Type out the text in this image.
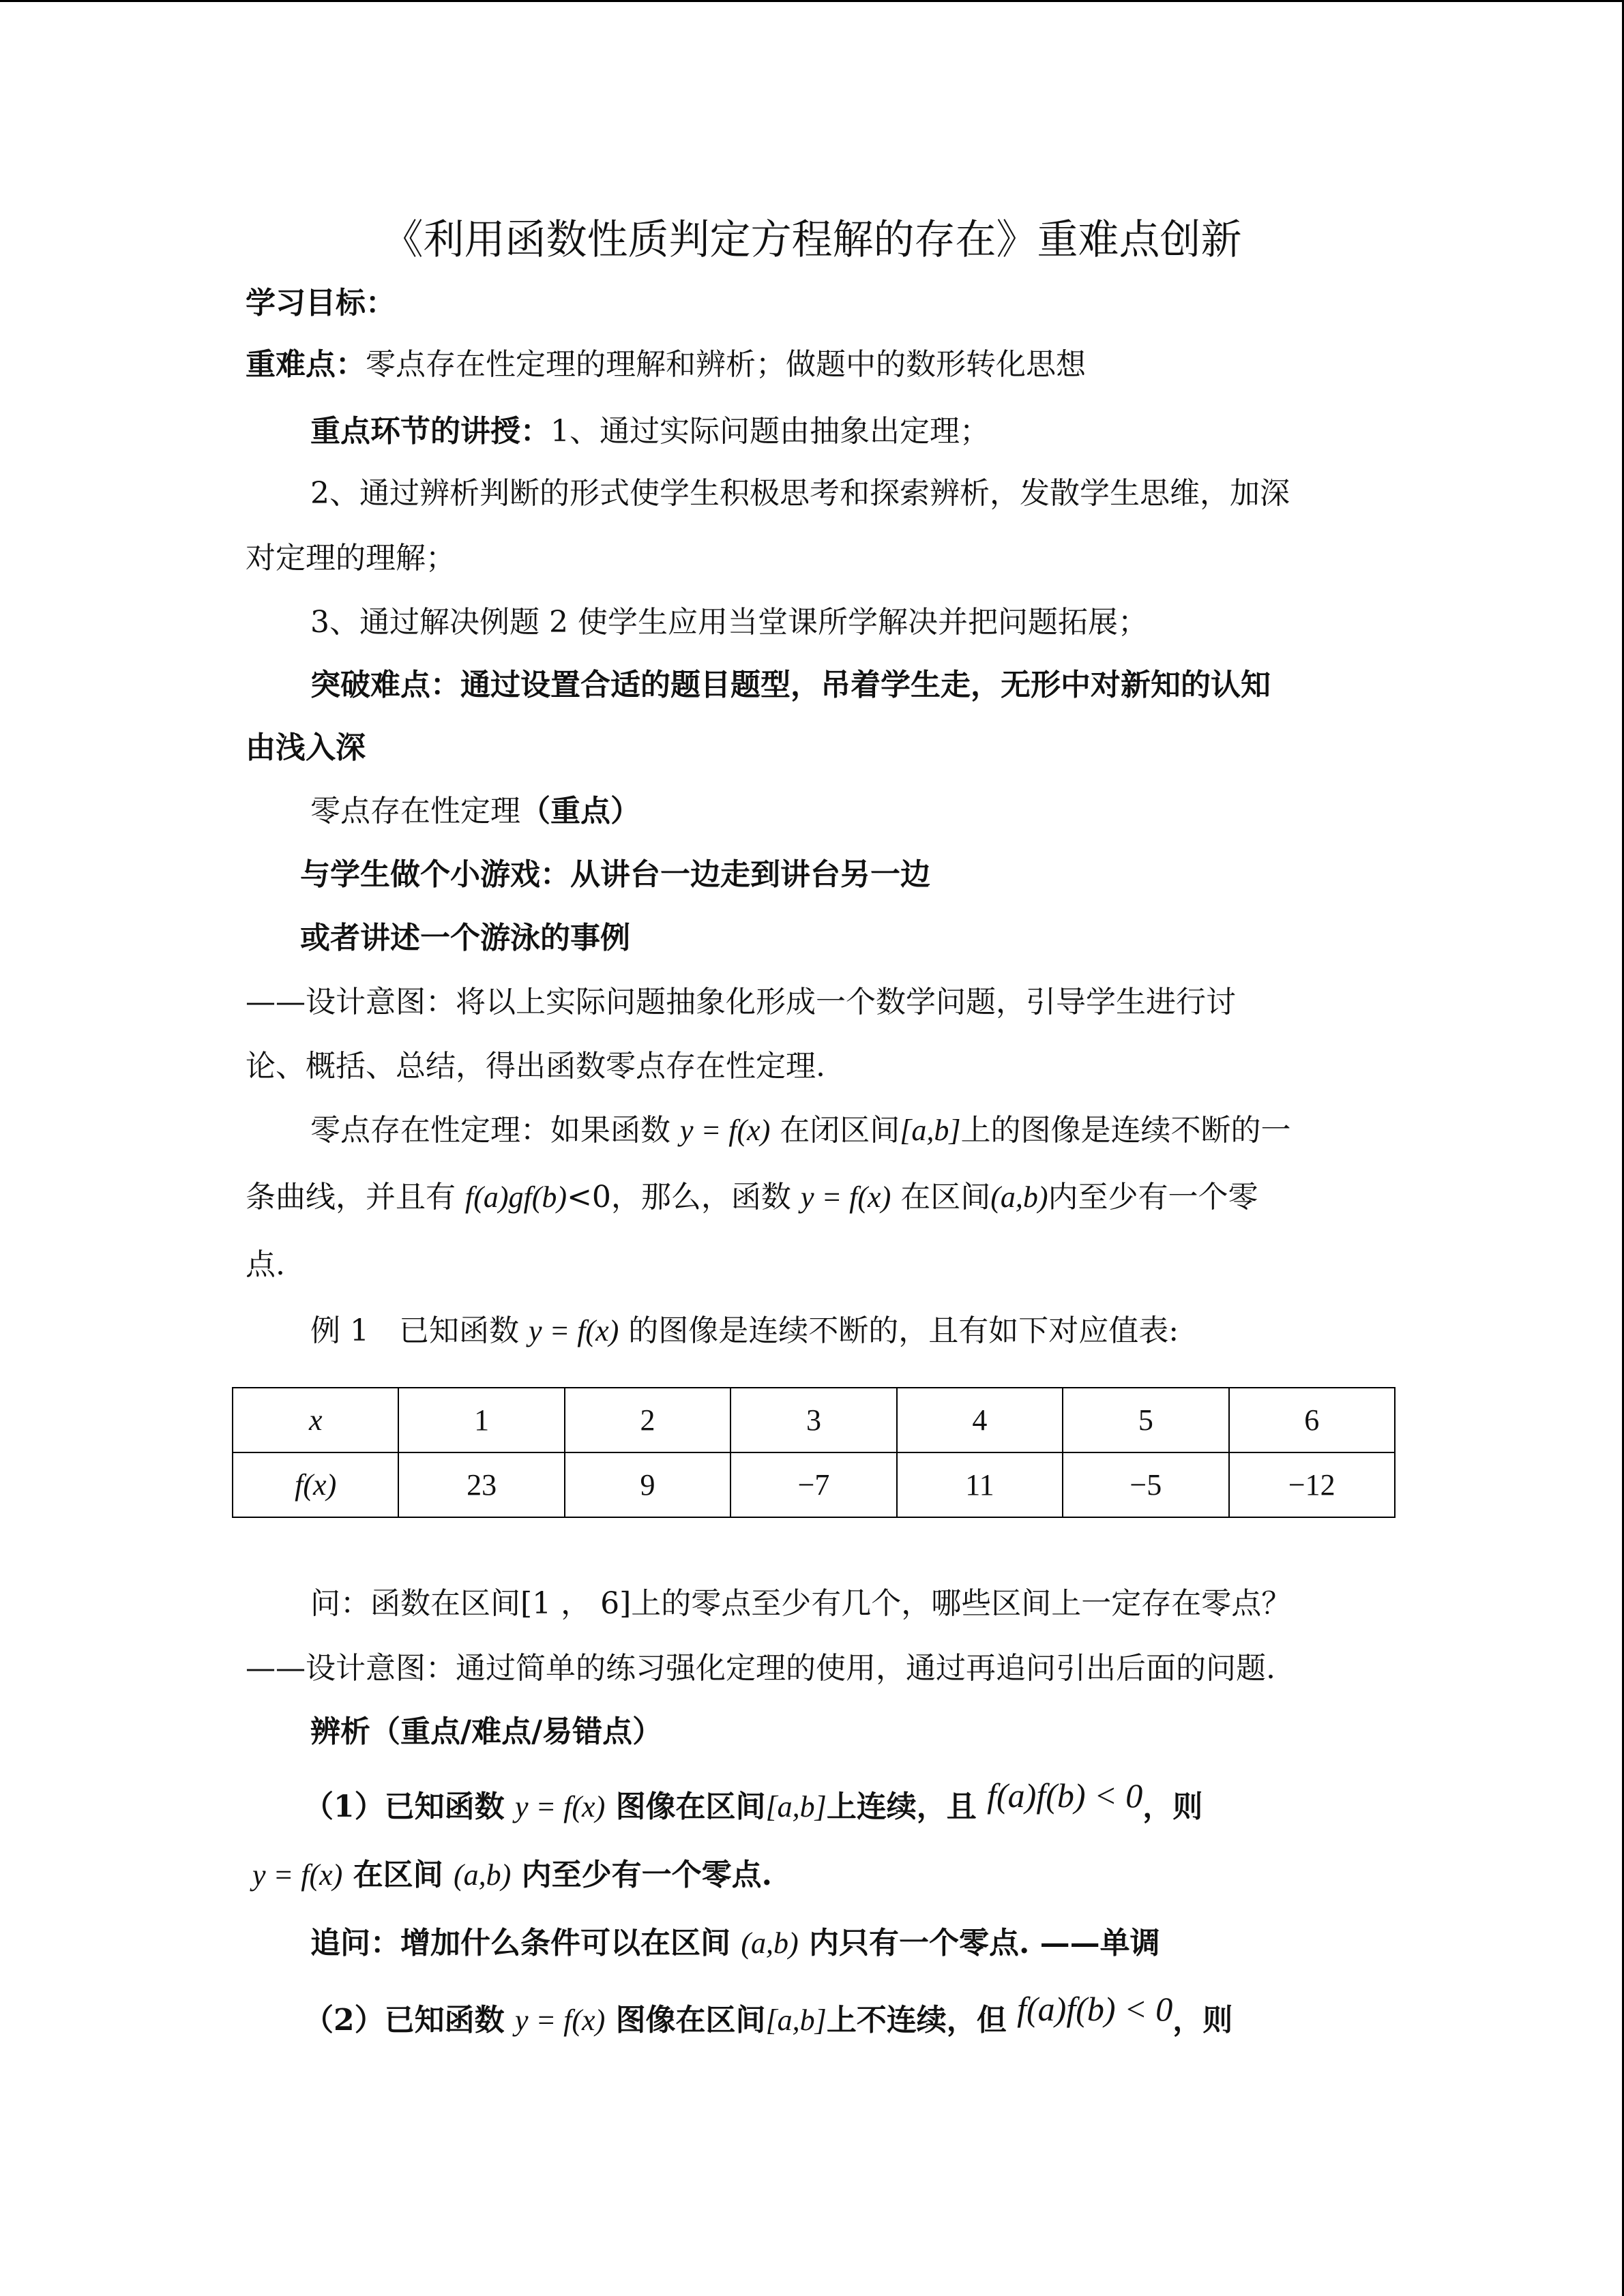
《利用函数性质判定方程解的存在》重难点创新
学习目标：
重难点：零点存在性定理的理解和辨析；做题中的数形转化思想
重点环节的讲授：1、通过实际问题由抽象出定理；
2、通过辨析判断的形式使学生积极思考和探索辨析，发散学生思维，加深
对定理的理解；
3、通过解决例题 2 使学生应用当堂课所学解决并把问题拓展；
突破难点：通过设置合适的题目题型，吊着学生走，无形中对新知的认知
由浅入深
零点存在性定理（重点）
与学生做个小游戏：从讲台一边走到讲台另一边
或者讲述一个游泳的事例
——设计意图：将以上实际问题抽象化形成一个数学问题，引导学生进行讨
论、概括、总结，得出函数零点存在性定理.
零点存在性定理：如果函数 y = f(x) 在闭区间[a,b]上的图像是连续不断的一
条曲线，并且有 f(a)gf(b)<0，那么，函数 y = f(x) 在区间(a,b)内至少有一个零
点.
例 1　已知函数 y = f(x) 的图像是连续不断的，且有如下对应值表:
x	1	2	3	4	5	6
f(x)	23	9	−7	11	−5	−12
问：函数在区间[1 ， 6]上的零点至少有几个，哪些区间上一定存在零点？
——设计意图：通过简单的练习强化定理的使用，通过再追问引出后面的问题.
辨析（重点/难点/易错点）
（1）已知函数 y = f(x) 图像在区间[a,b]上连续，且 f(a)f(b) < 0，则
y = f(x) 在区间 (a,b) 内至少有一个零点.
追问：增加什么条件可以在区间 (a,b) 内只有一个零点. ——单调
（2）已知函数 y = f(x) 图像在区间[a,b]上不连续，但 f(a)f(b) < 0，则
